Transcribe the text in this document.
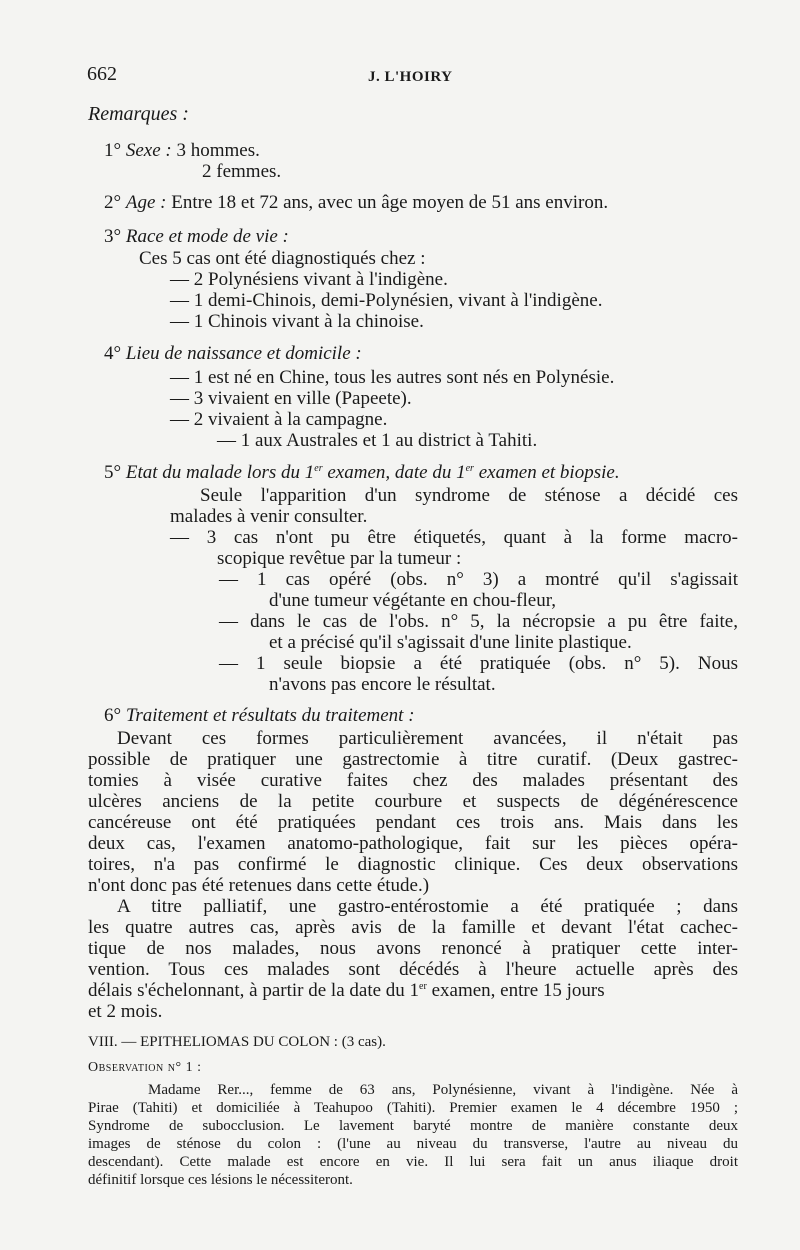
662	J. L'HOIRY
Remarques :
1° Sexe : 3 hommes.
2 femmes.
2° Age : Entre 18 et 72 ans, avec un âge moyen de 51 ans environ.
3° Race et mode de vie :
Ces 5 cas ont été diagnostiqués chez :
— 2 Polynésiens vivant à l'indigène.
— 1 demi-Chinois, demi-Polynésien, vivant à l'indigène.
— 1 Chinois vivant à la chinoise.
4° Lieu de naissance et domicile :
— 1 est né en Chine, tous les autres sont nés en Polynésie.
— 3 vivaient en ville (Papeete).
— 2 vivaient à la campagne.
— 1 aux Australes et 1 au district à Tahiti.
5° Etat du malade lors du 1er examen, date du 1er examen et biopsie.
Seule l'apparition d'un syndrome de sténose a décidé ces
malades à venir consulter.
— 3 cas n'ont pu être étiquetés, quant à la forme macro-
scopique revêtue par la tumeur :
— 1 cas opéré (obs. n° 3) a montré qu'il s'agissait
d'une tumeur végétante en chou-fleur,
— dans le cas de l'obs. n° 5, la nécropsie a pu être faite,
et a précisé qu'il s'agissait d'une linite plastique.
— 1 seule biopsie a été pratiquée (obs. n° 5). Nous
n'avons pas encore le résultat.
6° Traitement et résultats du traitement :
Devant ces formes particulièrement avancées, il n'était pas
possible de pratiquer une gastrectomie à titre curatif. (Deux gastrec-
tomies à visée curative faites chez des malades présentant des
ulcères anciens de la petite courbure et suspects de dégénérescence
cancéreuse ont été pratiquées pendant ces trois ans. Mais dans les
deux cas, l'examen anatomo-pathologique, fait sur les pièces opéra-
toires, n'a pas confirmé le diagnostic clinique. Ces deux observations
n'ont donc pas été retenues dans cette étude.)
A titre palliatif, une gastro-entérostomie a été pratiquée ; dans
les quatre autres cas, après avis de la famille et devant l'état cachec-
tique de nos malades, nous avons renoncé à pratiquer cette inter-
vention. Tous ces malades sont décédés à l'heure actuelle après des
délais s'échelonnant, à partir de la date du 1er examen, entre 15 jours
et 2 mois.
VIII. — EPITHELIOMAS DU COLON : (3 cas).
Observation n° 1 :
Madame Rer..., femme de 63 ans, Polynésienne, vivant à l'indigène. Née à
Pirae (Tahiti) et domiciliée à Teahupoo (Tahiti). Premier examen le 4 décembre 1950 ;
Syndrome de subocclusion. Le lavement baryté montre de manière constante deux
images de sténose du colon : (l'une au niveau du transverse, l'autre au niveau du
descendant). Cette malade est encore en vie. Il lui sera fait un anus iliaque droit
définitif lorsque ces lésions le nécessiteront.
